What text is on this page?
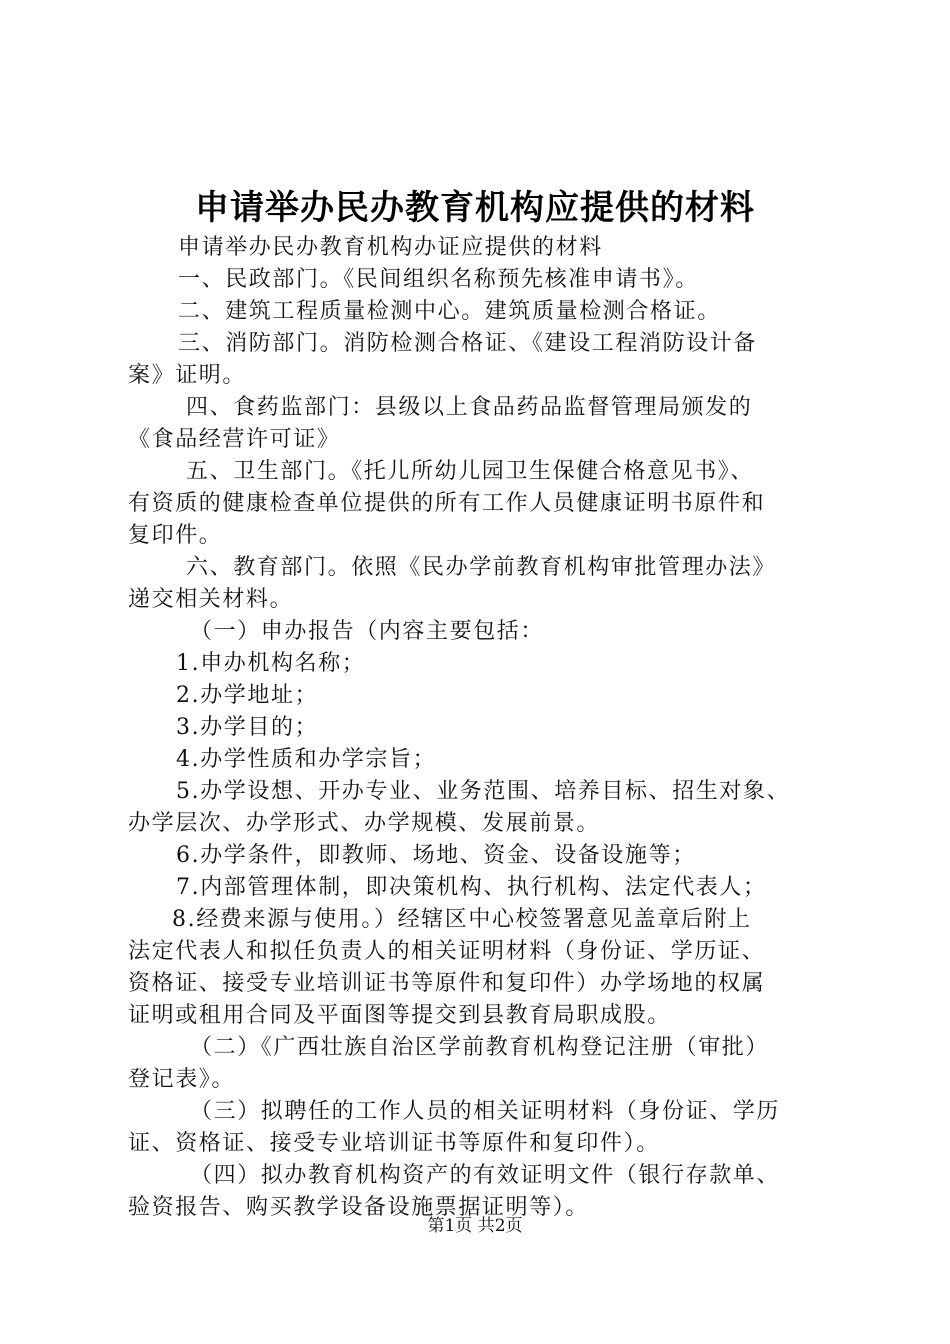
申请举办民办教育机构应提供的材料
申请举办民办教育机构办证应提供的材料
一、民政部门。《民间组织名称预先核准申请书》。
二、建筑工程质量检测中心。建筑质量检测合格证。
三、消防部门。消防检测合格证、《建设工程消防设计备
案》证明。
四、食药监部门：县级以上食品药品监督管理局颁发的
《食品经营许可证》
五、卫生部门。《托儿所幼儿园卫生保健合格意见书》、
有资质的健康检查单位提供的所有工作人员健康证明书原件和
复印件。
六、教育部门。依照《民办学前教育机构审批管理办法》
递交相关材料。
（一）申办报告（内容主要包括：
1.申办机构名称；
2.办学地址；
3.办学目的；
4.办学性质和办学宗旨；
5.办学设想、开办专业、业务范围、培养目标、招生对象、
办学层次、办学形式、办学规模、发展前景。
6.办学条件，即教师、场地、资金、设备设施等；
7.内部管理体制，即决策机构、执行机构、法定代表人；
8.经费来源与使用。）经辖区中心校签署意见盖章后附上
法定代表人和拟任负责人的相关证明材料（身份证、学历证、
资格证、接受专业培训证书等原件和复印件）办学场地的权属
证明或租用合同及平面图等提交到县教育局职成股。
（二）《广西壮族自治区学前教育机构登记注册（审批）
登记表》。
（三）拟聘任的工作人员的相关证明材料（身份证、学历
证、资格证、接受专业培训证书等原件和复印件）。
（四）拟办教育机构资产的有效证明文件（银行存款单、
验资报告、购买教学设备设施票据证明等）。
第1页 共2页
